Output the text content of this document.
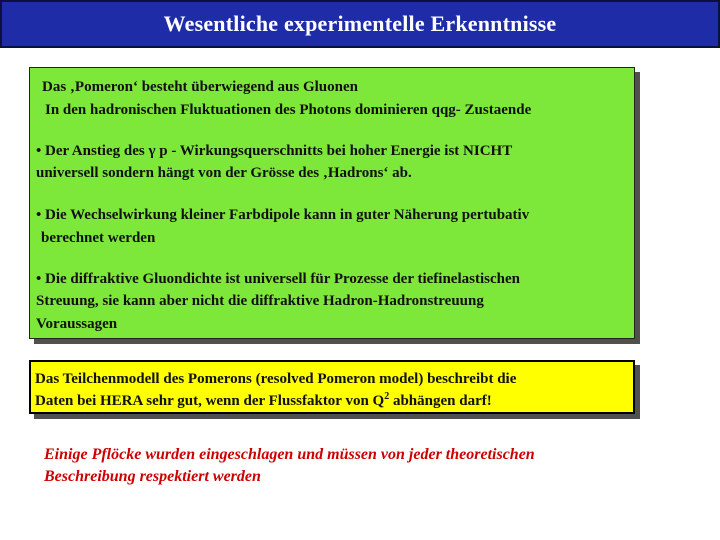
Wesentliche experimentelle Erkenntnisse
Das ‚Pomeron‘ besteht überwiegend aus Gluonen
In den hadronischen Fluktuationen des Photons dominieren qqg- Zustaende
• Der Anstieg des γ p - Wirkungsquerschnitts bei hoher Energie ist NICHT
universell sondern hängt von der Grösse des ‚Hadrons‘ ab.
• Die Wechselwirkung kleiner Farbdipole kann in guter Näherung pertubativ
berechnet werden
• Die diffraktive Gluondichte ist universell für Prozesse der tiefinelastischen
Streuung, sie kann aber nicht die diffraktive Hadron-Hadronstreuung
Voraussagen
Das Teilchenmodell des Pomerons (resolved Pomeron model) beschreibt die
Daten bei HERA sehr gut, wenn der Flussfaktor von $Q^2$ abhängen darf!
Einige Pflöcke wurden eingeschlagen und müssen von jeder theoretischen
Beschreibung respektiert werden
